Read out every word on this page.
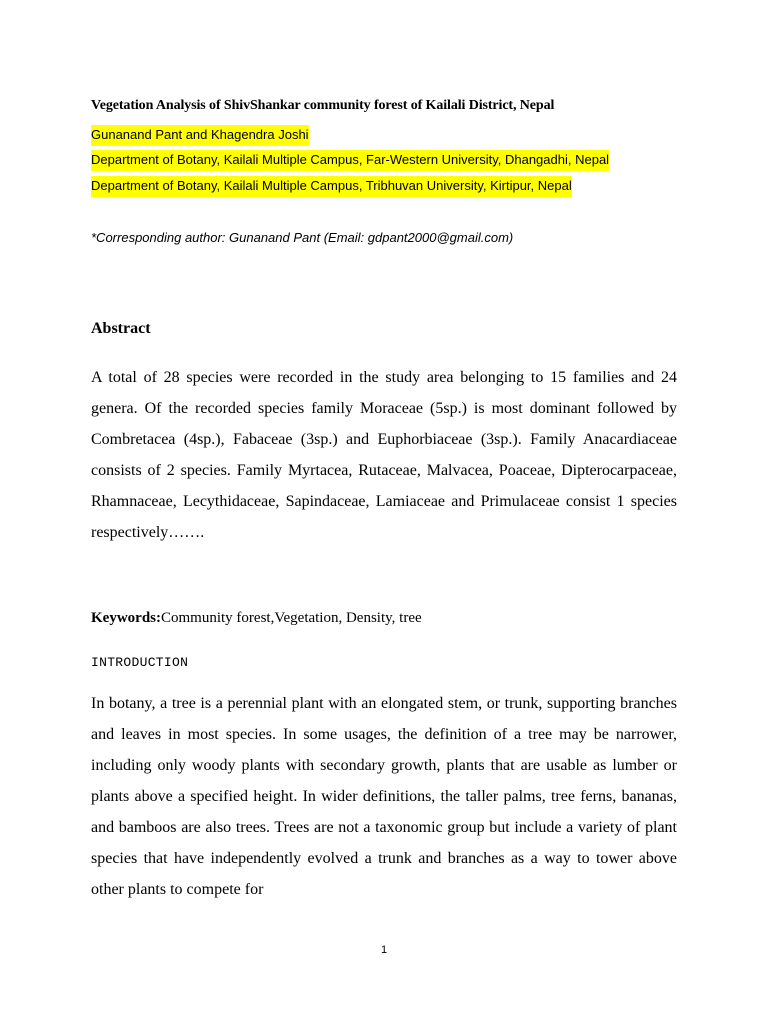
Vegetation Analysis of ShivShankar community forest of Kailali District, Nepal
Gunanand Pant and Khagendra Joshi
Department of Botany, Kailali Multiple Campus, Far-Western University, Dhangadhi, Nepal
Department of Botany, Kailali Multiple Campus, Tribhuvan University, Kirtipur, Nepal
*Corresponding author: Gunanand Pant (Email: gdpant2000@gmail.com)
Abstract
A total of 28 species were recorded in the study area belonging to 15 families and 24 genera. Of the recorded species family Moraceae (5sp.) is most dominant followed by Combretacea (4sp.), Fabaceae (3sp.) and Euphorbiaceae (3sp.). Family Anacardiaceae consists of 2 species. Family Myrtacea, Rutaceae, Malvacea, Poaceae, Dipterocarpaceae, Rhamnaceae, Lecythidaceae, Sapindaceae, Lamiaceae and Primulaceae consist 1 species respectively…….
Keywords:Community forest,Vegetation, Density, tree
INTRODUCTION
In botany, a tree is a perennial plant with an elongated stem, or trunk, supporting branches and leaves in most species. In some usages, the definition of a tree may be narrower, including only woody plants with secondary growth, plants that are usable as lumber or plants above a specified height. In wider definitions, the taller palms, tree ferns, bananas, and bamboos are also trees. Trees are not a taxonomic group but include a variety of plant species that have independently evolved a trunk and branches as a way to tower above other plants to compete for
1
